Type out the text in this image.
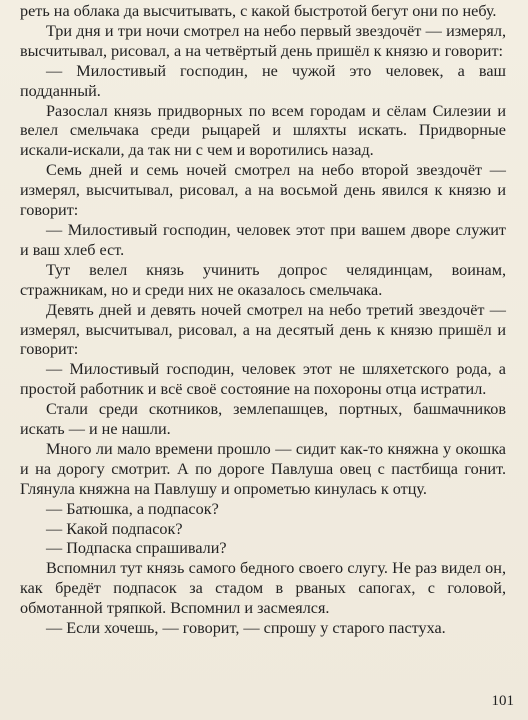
реть на облака да высчитывать, с какой быстротой бегут они по небу.

Три дня и три ночи смотрел на небо первый звездочёт — измерял, высчитывал, рисовал, а на четвёртый день пришёл к князю и говорит:

— Милостивый господин, не чужой это человек, а ваш подданный.

Разослал князь придворных по всем городам и сёлам Силезии и велел смельчака среди рыцарей и шляхты искать. Придворные искали-искали, да так ни с чем и воротились назад.

Семь дней и семь ночей смотрел на небо второй звездочёт — измерял, высчитывал, рисовал, а на восьмой день явился к князю и говорит:

— Милостивый господин, человек этот при вашем дворе служит и ваш хлеб ест.

Тут велел князь учинить допрос челядинцам, воинам, стражникам, но и среди них не оказалось смельчака.

Девять дней и девять ночей смотрел на небо третий звездочёт — измерял, высчитывал, рисовал, а на десятый день к князю пришёл и говорит:

— Милостивый господин, человек этот не шляхетского рода, а простой работник и всё своё состояние на похороны отца истратил.

Стали среди скотников, землепашцев, портных, башмачников искать — и не нашли.

Много ли мало времени прошло — сидит как-то княжна у окошка и на дорогу смотрит. А по дороге Павлуша овец с пастбища гонит. Глянула княжна на Павлушу и опрометью кинулась к отцу.

— Батюшка, а подпасок?

— Какой подпасок?

— Подпаска спрашивали?

Вспомнил тут князь самого бедного своего слугу. Не раз видел он, как бредёт подпасок за стадом в рваных сапогах, с головой, обмотанной тряпкой. Вспомнил и засмеялся.

— Если хочешь, — говорит, — спрошу у старого пастуха.

101
